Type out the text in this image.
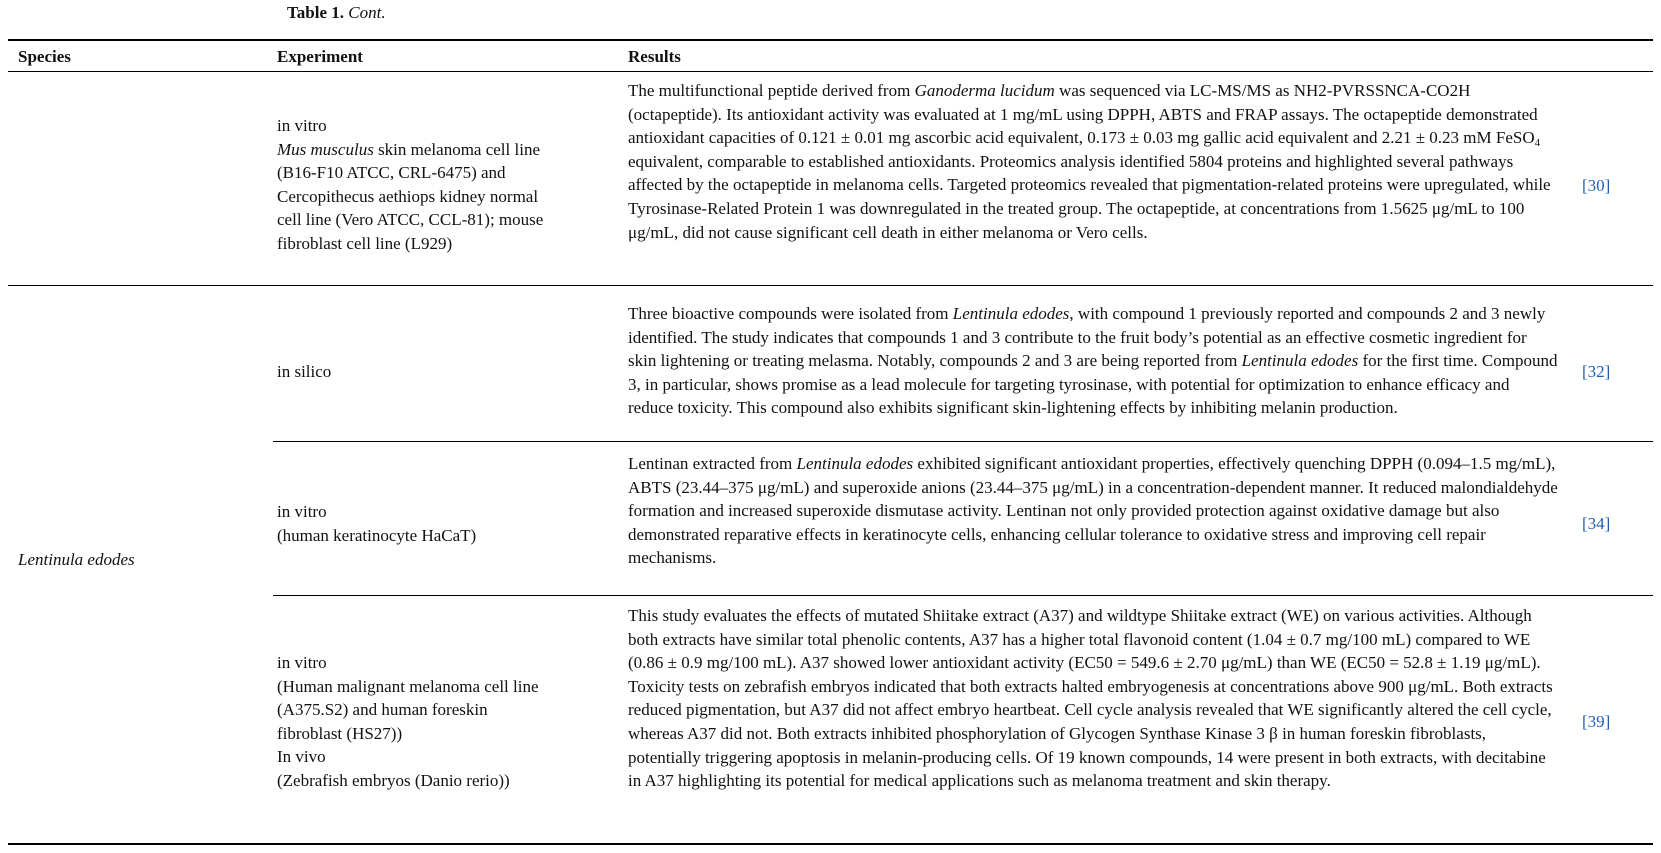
Table 1. Cont.
Species	Experiment	Results
in vitro
Mus musculus skin melanoma cell line
(B16-F10 ATCC, CRL-6475) and
Cercopithecus aethiops kidney normal
cell line (Vero ATCC, CCL-81); mouse
fibroblast cell line (L929)
The multifunctional peptide derived from Ganoderma lucidum was sequenced via LC-MS/MS as NH2-PVRSSNCA-CO2H (octapeptide). Its antioxidant activity was evaluated at 1 mg/mL using DPPH, ABTS and FRAP assays. The octapeptide demonstrated antioxidant capacities of 0.121 ± 0.01 mg ascorbic acid equivalent, 0.173 ± 0.03 mg gallic acid equivalent and 2.21 ± 0.23 mM FeSO$_4$ equivalent, comparable to established antioxidants. Proteomics analysis identified 5804 proteins and highlighted several pathways affected by the octapeptide in melanoma cells. Targeted proteomics revealed that pigmentation-related proteins were upregulated, while Tyrosinase-Related Protein 1 was downregulated in the treated group. The octapeptide, at concentrations from 1.5625 μg/mL to 100 μg/mL, did not cause significant cell death in either melanoma or Vero cells.
[30]
in silico
Three bioactive compounds were isolated from Lentinula edodes, with compound 1 previously reported and compounds 2 and 3 newly identified. The study indicates that compounds 1 and 3 contribute to the fruit body’s potential as an effective cosmetic ingredient for skin lightening or treating melasma. Notably, compounds 2 and 3 are being reported from Lentinula edodes for the first time. Compound 3, in particular, shows promise as a lead molecule for targeting tyrosinase, with potential for optimization to enhance efficacy and reduce toxicity. This compound also exhibits significant skin-lightening effects by inhibiting melanin production.
[32]
in vitro
(human keratinocyte HaCaT)
Lentinan extracted from Lentinula edodes exhibited significant antioxidant properties, effectively quenching DPPH (0.094–1.5 mg/mL), ABTS (23.44–375 μg/mL) and superoxide anions (23.44–375 μg/mL) in a concentration-dependent manner. It reduced malondialdehyde formation and increased superoxide dismutase activity. Lentinan not only provided protection against oxidative damage but also demonstrated reparative effects in keratinocyte cells, enhancing cellular tolerance to oxidative stress and improving cell repair mechanisms.
[34]
Lentinula edodes
in vitro
(Human malignant melanoma cell line
(A375.S2) and human foreskin
fibroblast (HS27))
In vivo
(Zebrafish embryos (Danio rerio))
This study evaluates the effects of mutated Shiitake extract (A37) and wildtype Shiitake extract (WE) on various activities. Although both extracts have similar total phenolic contents, A37 has a higher total flavonoid content (1.04 ± 0.7 mg/100 mL) compared to WE (0.86 ± 0.9 mg/100 mL). A37 showed lower antioxidant activity (EC50 = 549.6 ± 2.70 μg/mL) than WE (EC50 = 52.8 ± 1.19 μg/mL). Toxicity tests on zebrafish embryos indicated that both extracts halted embryogenesis at concentrations above 900 μg/mL. Both extracts reduced pigmentation, but A37 did not affect embryo heartbeat. Cell cycle analysis revealed that WE significantly altered the cell cycle, whereas A37 did not. Both extracts inhibited phosphorylation of Glycogen Synthase Kinase 3 β in human foreskin fibroblasts, potentially triggering apoptosis in melanin-producing cells. Of 19 known compounds, 14 were present in both extracts, with decitabine in A37 highlighting its potential for medical applications such as melanoma treatment and skin therapy.
[39]
